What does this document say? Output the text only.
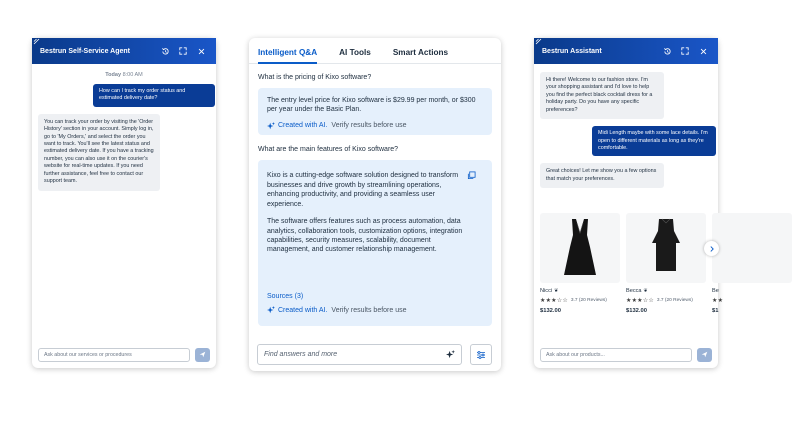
Bestrun Self-Service Agent
Today 8:00 AM
How can I track my order status and estimated delivery date?
You can track your order by visiting the 'Order History' section in your account. Simply log in, go to 'My Orders,' and select the order you want to track. You'll see the latest status and estimated delivery date. If you have a tracking number, you can also use it on the courier's website for real-time updates. If you need further assistance, feel free to contact our support team.
Ask about our services or procedures
Intelligent Q&A	AI Tools	Smart Actions
What is the pricing of Kixo software?
The entry level price for Kixo software is $29.99 per month, or $300 per year under the Basic Plan.
Created with AI. Verify results before use
What are the main features of Kixo software?
Kixo is a cutting-edge software solution designed to transform businesses and drive growth by streamlining operations, enhancing productivity, and providing a seamless user experience.
The software offers features such as process automation, data analytics, collaboration tools, customization options, integration capabilities, security measures, scalability, document management, and customer relationship management.
Sources (3)
Created with AI. Verify results before use
Find answers and more
Bestrun Assistant
Hi there! Welcome to our fashion store. I'm your shopping assistant and I'd love to help you find the perfect black cocktail dress for a holiday party. Do you have any specific preferences?
Midi Length maybe with some lace details. I'm open to different materials as long as they're comfortable.
Great choices! Let me show you a few options that match your preferences.
Nicci ❦
★★★☆☆ 3.7 (20 Reviews)
$132.00
Becca ❦
★★★☆☆ 3.7 (20 Reviews)
$132.00
Be
★★
$1
Ask about our products...
